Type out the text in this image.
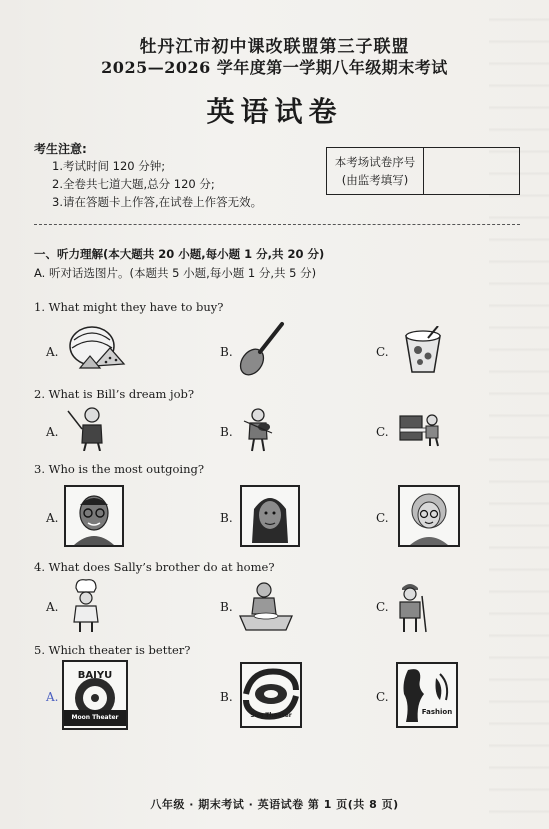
牡丹江市初中课改联盟第三子联盟
2025—2026 学年度第一学期八年级期末考试
英语试卷
考生注意:
1.考试时间 120 分钟;
2.全卷共七道大题,总分 120 分;
3.请在答题卡上作答,在试卷上作答无效。
本考场试卷序号
(由监考填写)
一、听力理解(本大题共 20 小题,每小题 1 分,共 20 分)
A. 听对话选图片。(本题共 5 小题,每小题 1 分,共 5 分)
1. What might they have to buy?
A.	B.	C.
2. What is Bill’s dream job?
A.	B.	C.
3. Who is the most outgoing?
A.	B.	C.
4. What does Sally’s brother do at home?
A.	B.	C.
5. Which theater is better?
A.	B.	C.
BAIYU
Moon Theater	Sun Theater	Fashion
八年级 · 期末考试 · 英语试卷 第 1 页(共 8 页)
